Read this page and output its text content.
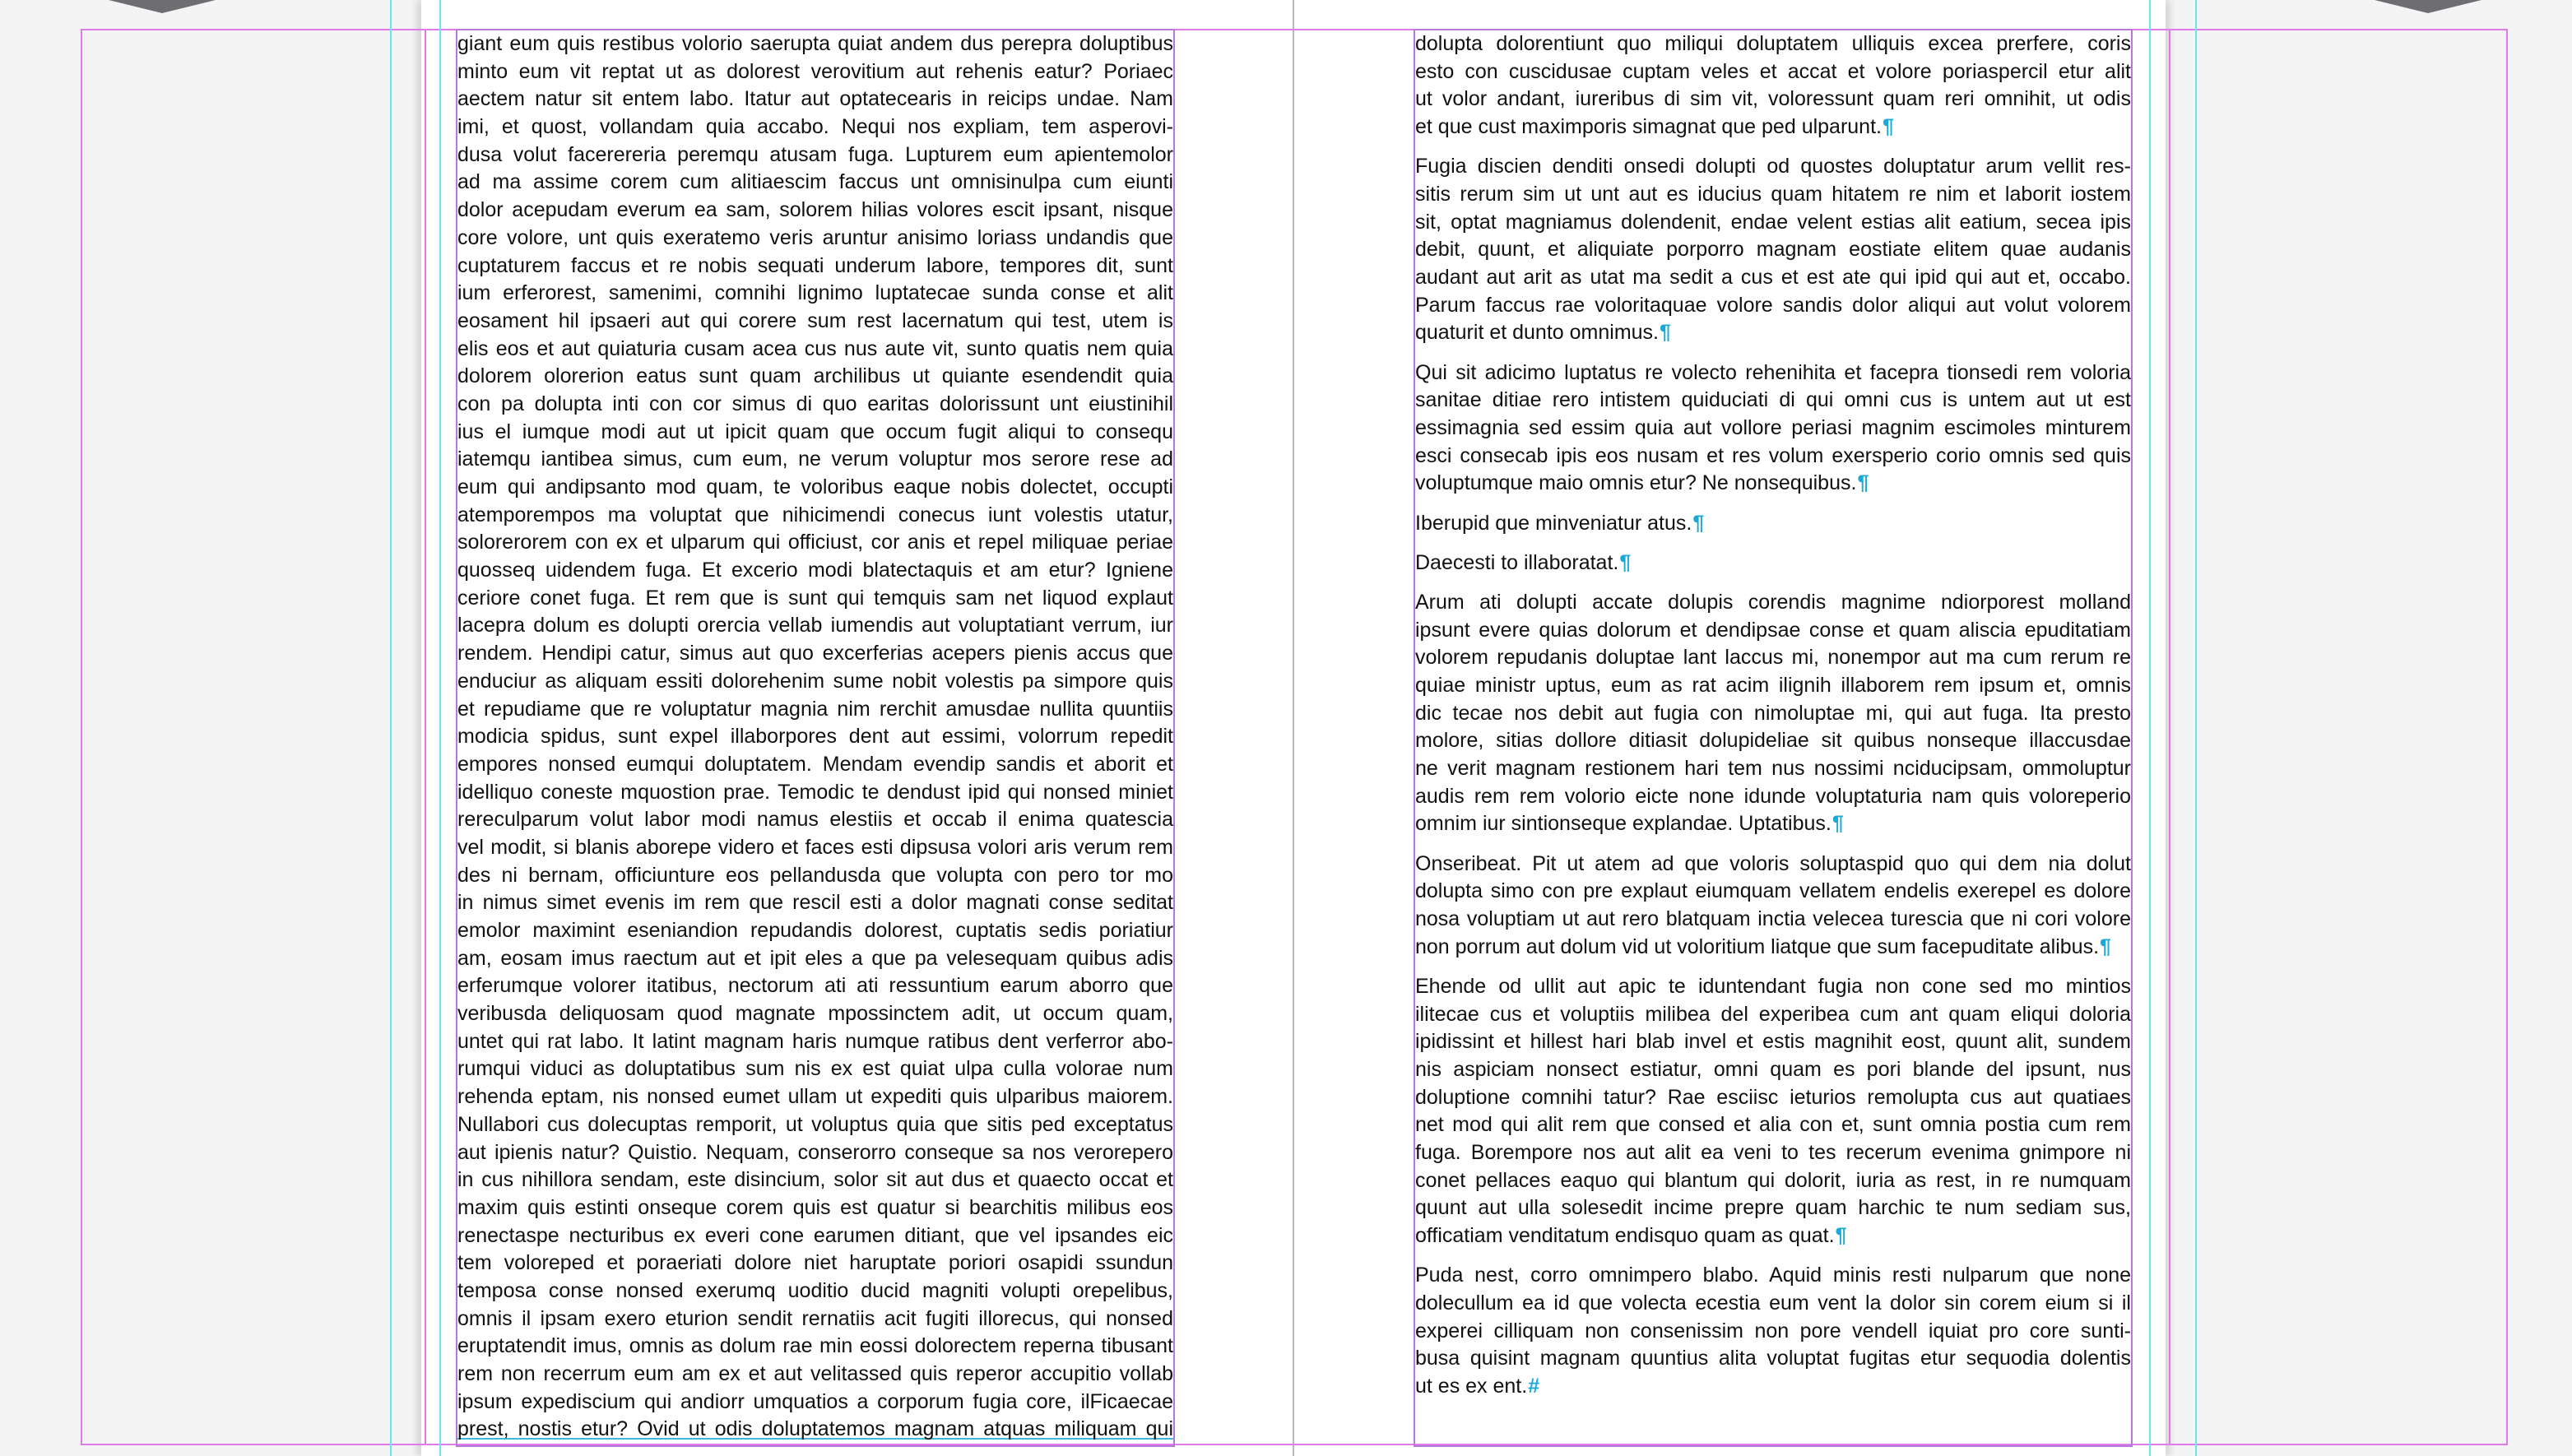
giant eum quis restibus volorio saerupta quiat andem dus perepra doluptibus
minto eum vit reptat ut as dolorest verovitium aut rehenis eatur? Poriaec
aectem natur sit entem labo. Itatur aut optatecearis in reicips undae. Nam
imi, et quost, vollandam quia accabo. Nequi nos expliam, tem asperovi-
dusa volut facerereria peremqu atusam fuga. Lupturem eum apientemolor
ad ma assime corem cum alitiaescim faccus unt omnisinulpa cum eiunti
dolor acepudam everum ea sam, solorem hilias volores escit ipsant, nisque
core volore, unt quis exeratemo veris aruntur anisimo loriass undandis que
cuptaturem faccus et re nobis sequati underum labore, tempores dit, sunt
ium erferorest, samenimi, comnihi lignimo luptatecae sunda conse et alit
eosament hil ipsaeri aut qui corere sum rest lacernatum qui test, utem is
elis eos et aut quiaturia cusam acea cus nus aute vit, sunto quatis nem quia
dolorem olorerion eatus sunt quam archilibus ut quiante esendendit quia
con pa dolupta inti con cor simus di quo earitas dolorissunt unt eiustinihil
ius el iumque modi aut ut ipicit quam que occum fugit aliqui to consequ
iatemqu iantibea simus, cum eum, ne verum voluptur mos serore rese ad
eum qui andipsanto mod quam, te voloribus eaque nobis dolectet, occupti
atemporempos ma voluptat que nihicimendi conecus iunt volestis utatur,
solorerorem con ex et ulparum qui officiust, cor anis et repel miliquae periae
quosseq uidendem fuga. Et excerio modi blatectaquis et am etur? Igniene
ceriore conet fuga. Et rem que is sunt qui temquis sam net liquod explaut
lacepra dolum es dolupti orercia vellab iumendis aut voluptatiant verrum, iur
rendem. Hendipi catur, simus aut quo excerferias acepers pienis accus que
enduciur as aliquam essiti dolorehenim sume nobit volestis pa simpore quis
et repudiame que re voluptatur magnia nim rerchit amusdae nullita quuntiis
modicia spidus, sunt expel illaborpores dent aut essimi, volorrum repedit
empores nonsed eumqui doluptatem. Mendam evendip sandis et aborit et
idelliquo coneste mquostion prae. Temodic te dendust ipid qui nonsed miniet
rereculparum volut labor modi namus elestiis et occab il enima quatescia
vel modit, si blanis aborepe videro et faces esti dipsusa volori aris verum rem
des ni bernam, officiunture eos pellandusda que volupta con pero tor mo
in nimus simet evenis im rem que rescil esti a dolor magnati conse seditat
emolor maximint eseniandion repudandis dolorest, cuptatis sedis poriatiur
am, eosam imus raectum aut et ipit eles a que pa velesequam quibus adis
erferumque volorer itatibus, nectorum ati ati ressuntium earum aborro que
veribusda deliquosam quod magnate mpossinctem adit, ut occum quam,
untet qui rat labo. It latint magnam haris numque ratibus dent verferror abo-
rumqui viduci as doluptatibus sum nis ex est quiat ulpa culla volorae num
rehenda eptam, nis nonsed eumet ullam ut expediti quis ulparibus maiorem.
Nullabori cus dolecuptas remporit, ut voluptus quia que sitis ped exceptatus
aut ipienis natur? Quistio. Nequam, conserorro conseque sa nos verorepero
in cus nihillora sendam, este disincium, solor sit aut dus et quaecto occat et
maxim quis estinti onseque corem quis est quatur si bearchitis milibus eos
renectaspe necturibus ex everi cone earumen ditiant, que vel ipsandes eic
tem voloreped et poraeriati dolore niet haruptate poriori osapidi ssundun
temposa conse nonsed exerumq uoditio ducid magniti volupti orepelibus,
omnis il ipsam exero eturion sendit rernatiis acit fugiti illorecus, qui nonsed
eruptatendit imus, omnis as dolum rae min eossi dolorectem reperna tibusant
rem non recerrum eum am ex et aut velitassed quis reperor accupitio vollab
ipsum expediscium qui andiorr umquatios a corporum fugia core, ilFicaecae
prest, nostis etur? Ovid ut odis doluptatemos magnam atquas miliquam qui
dolupta dolorentiunt quo miliqui doluptatem ulliquis excea prerfere, coris
esto con cuscidusae cuptam veles et accat et volore poriaspercil etur alit
ut volor andant, iureribus di sim vit, voloressunt quam reri omnihit, ut odis
et que cust maximporis simagnat que ped ulparunt.¶
Fugia discien denditi onsedi dolupti od quostes doluptatur arum vellit res-
sitis rerum sim ut unt aut es iducius quam hitatem re nim et laborit iostem
sit, optat magniamus dolendenit, endae velent estias alit eatium, secea ipis
debit, quunt, et aliquiate porporro magnam eostiate elitem quae audanis
audant aut arit as utat ma sedit a cus et est ate qui ipid qui aut et, occabo.
Parum faccus rae voloritaquae volore sandis dolor aliqui aut volut volorem
quaturit et dunto omnimus.¶
Qui sit adicimo luptatus re volecto rehenihita et facepra tionsedi rem voloria
sanitae ditiae rero intistem quiduciati di qui omni cus is untem aut ut est
essimagnia sed essim quia aut vollore periasi magnim escimoles minturem
esci consecab ipis eos nusam et res volum exersperio corio omnis sed quis
voluptumque maio omnis etur? Ne nonsequibus.¶
Iberupid que minveniatur atus.¶
Daecesti to illaboratat.¶
Arum ati dolupti accate dolupis corendis magnime ndiorporest molland
ipsunt evere quias dolorum et dendipsae conse et quam aliscia epuditatiam
volorem repudanis doluptae lant laccus mi, nonempor aut ma cum rerum re
quiae ministr uptus, eum as rat acim ilignih illaborem rem ipsum et, omnis
dic tecae nos debit aut fugia con nimoluptae mi, qui aut fuga. Ita presto
molore, sitias dollore ditiasit dolupideliae sit quibus nonseque illaccusdae
ne verit magnam restionem hari tem nus nossimi nciducipsam, ommoluptur
audis rem rem volorio eicte none idunde voluptaturia nam quis voloreperio
omnim iur sintionseque explandae. Uptatibus.¶
Onseribeat. Pit ut atem ad que voloris soluptaspid quo qui dem nia dolut
dolupta simo con pre explaut eiumquam vellatem endelis exerepel es dolore
nosa voluptiam ut aut rero blatquam inctia velecea turescia que ni cori volore
non porrum aut dolum vid ut voloritium liatque que sum facepuditate alibus.¶
Ehende od ullit aut apic te iduntendant fugia non cone sed mo mintios
ilitecae cus et voluptiis milibea del experibea cum ant quam eliqui doloria
ipidissint et hillest hari blab invel et estis magnihit eost, quunt alit, sundem
nis aspiciam nonsect estiatur, omni quam es pori blande del ipsunt, nus
doluptione comnihi tatur? Rae esciisc ieturios remolupta cus aut quatiaes
net mod qui alit rem que consed et alia con et, sunt omnia postia cum rem
fuga. Borempore nos aut alit ea veni to tes recerum evenima gnimpore ni
conet pellaces eaquo qui blantum qui dolorit, iuria as rest, in re numquam
quunt aut ulla solesedit incime prepre quam harchic te num sediam sus,
officatiam venditatum endisquo quam as quat.¶
Puda nest, corro omnimpero blabo. Aquid minis resti nulparum que none
dolecullum ea id que volecta ecestia eum vent la dolor sin corem eium si il
experei cilliquam non consenissim non pore vendell iquiat pro core sunti-
busa quisint magnam quuntius alita voluptat fugitas etur sequodia dolentis
ut es ex ent.#
